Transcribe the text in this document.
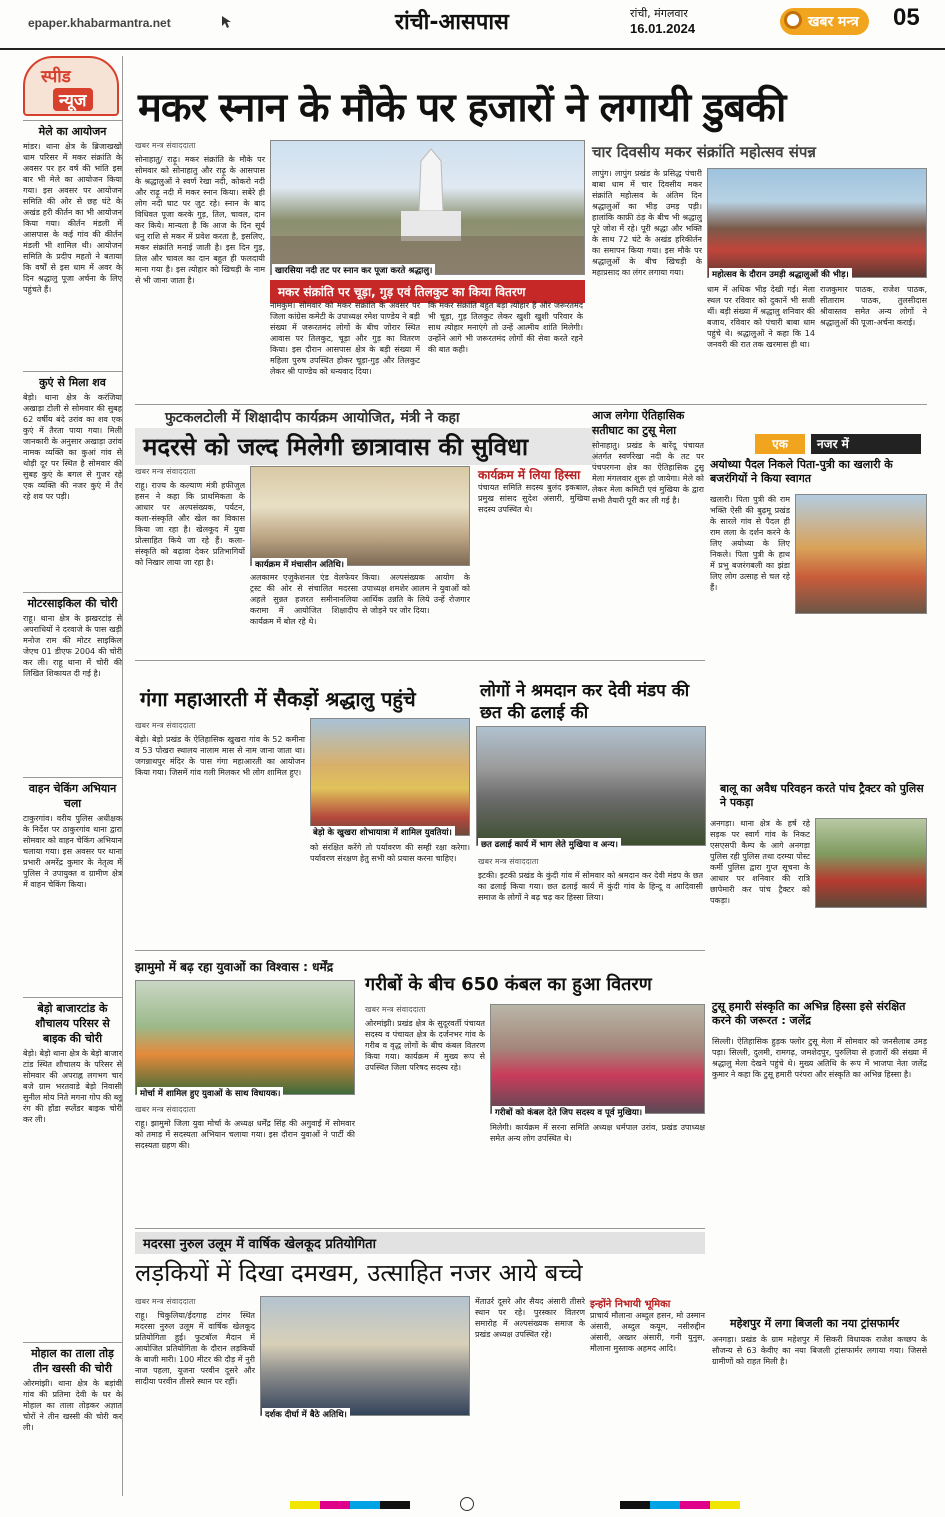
epaper.khabarmantra.net	रांची-आसपास	रांची, मंगलवार
16.01.2024	खबर मन्त्र	05
स्पीड
न्यूज
मेले का आयोजन

मांडर। थाना क्षेत्र के ब्रिजाखखो धाम परिसर में मकर संक्रांति के अवसर पर हर वर्ष की भांति इस बार भी मेले का आयोजन किया गया। इस अवसर पर आयोजन समिति की ओर से छह घंटे के अखंड हरी कीर्तन का भी आयोजन किया गया। कीर्तन मंडली में आसपास के कई गांव की कीर्तन मंडली भी शामिल थी। आयोजन समिति के प्रदीप महतो ने बताया कि वर्षों से इस धाम में अवर के दिन श्रद्धालु पूजा अर्चना के लिए पहुंचते हैं।

कुएं से मिला शव

बेड़ो। थाना क्षेत्र के करंजिया अखाड़ा टोली से सोमवार की सुबह 62 वर्षीय बंदे उरांव का शव एक कुएं में तैरता पाया गया। मिली जानकारी के अनुसार अखाड़ा उरांव नामक व्यक्ति का कुआं गांव से थोड़ी दूर पर स्थित है सोमवार की सुबह कुएं के बगल से गुजर रहे एक व्यक्ति की नजर कुएं में तैर रहे शव पर पड़ी।

मोटरसाइकिल की चोरी

राहू। थाना क्षेत्र के झखरटांड़ से अपराधियों ने दरवाजे के पास खड़ी मनोज राम की मोटर साइकिल जेएच 01 डीएफ 2004 की चोरी कर ली। राहू थाना में चोरी की लिखित शिकायत दी गई है।

वाहन चेकिंग अभियान चला

टाकुरगांव। वरीय पुलिस अधीक्षक के निर्देश पर ठाकुरगांव थाना द्वारा सोमवार को वाहन चेकिंग अभियान चलाया गया। इस अवसर पर थाना प्रभारी अमरेंद्र कुमार के नेतृत्व में पुलिस ने उपायुक्त व ग्रामीण क्षेत्र में वाहन चेकिंग किया।

बेड़ो बाजारटांड के शौचालय परिसर से बाइक की चोरी

बेड़ो। बेड़ो थाना क्षेत्र के बेड़ो बाजार टांड स्थित शौचालय के परिसर से सोमवार की अपराह्न लगभग चार बजे ग्राम भरतवाडे बेड़ो निवासी सुनील मोय निते मगना गोप की ब्लू रंग की होंडा स्प्लेंडर बाइक चोरी कर ली।

मोहाल का ताला तोड़ तीन खस्सी की चोरी

ओरमांझी। थाना क्षेत्र के बड़ांवी गांव की प्रतिमा देवी के घर के मोहाल का ताला तोड़कर अज्ञात चोरों ने तीन खस्सी की चोरी कर ली।

मकर स्नान के मौके पर हजारों ने लगायी डुबकी
खबर मन्त्र संवाददाता
सोनाहातु/ राढ़ू। मकर संक्रांति के मौके पर सोमवार को सोनाहातु और राढ़ू के आसपास के श्रद्धालुओं ने स्वर्ण रेखा नदी, कोकरो नदी और राढ़ू नदी में मकर स्नान किया। सबेरे ही लोग नदी घाट पर जुट रहे। स्नान के बाद विधिवत पूजा करके गुड़, तिल, चावल, दान कर किये। मान्यता है कि आज के दिन सूर्य धनु राशि से मकर में प्रवेश करता है, इसलिए, मकर संक्रांति मनाई जाती है। इस दिन गुड़, तिल और चावल का दान बहुत ही फलदायी माना गया है। इस त्योहार को खिचड़ी के नाम से भी जाना जाता है।
खारसिया नदी तट पर स्नान कर पूजा करते श्रद्धालु।
मकर संक्रांति पर चूड़ा, गुड़ एवं तिलकुट का किया वितरण
नामकुम। सोमवार को मकर संक्रांति के अवसर पर जिला कांग्रेस कमेटी के उपाध्यक्ष रमेश पाण्डेय ने बड़ी संख्या में जरूरतमंद लोगों के बीच जोरार स्थित आवास पर तिलकुट, चूड़ा और गुड़ का वितरण किया। इस दौरान आसपास क्षेत्र के बड़ी संख्या में महिला पुरुष उपस्थित होकर चूड़ा-गुड़ और तिलकुट लेकर श्री पाण्डेय को धन्यवाद दिया।
कि मकर संक्रांति बहुत बड़ा त्योहार है और जरूरतमंद भी चूड़ा, गुड़ तिलकुट लेकर खुशी खुशी परिवार के साथ त्योहार मनाएंगे तो उन्हें आत्मीय शांति मिलेगी। उन्होंने आगे भी जरूरतमंद लोगों की सेवा करते रहने की बात कही।
चार दिवसीय मकर संक्रांति महोत्सव संपन्न
लापुंग। लापुंग प्रखंड के प्रसिद्ध पंचारी बाबा धाम में चार दिवसीय मकर संक्रांति महोत्सव के अंतिम दिन श्रद्धालुओं का भीड़ उमड़ पड़ी। हालांकि काफ़ी ठंड़ के बीच भी श्रद्धालु पूरे जोश में रहे। पूरी श्रद्धा और भक्ति के साथ 72 घंटे के अखंड हरिकीर्तन का समापन किया गया। इस मौके पर श्रद्धालुओं के बीच खिचड़ी के महाप्रसाद का लंगर लगाया गया।	महोत्सव के दौरान उमड़ी श्रद्धालुओं की भीड़।
धाम में अधिक भीड़ देखी गई। मेला स्थल पर रविवार को दुकानें भी सजी थीं। बड़ी संख्या में श्रद्धालु शनिवार की बजाय, रविवार को पंचारी बाबा धाम पहुंचे थे। श्रद्धालुओं ने कहा कि 14 जनवरी की रात तक खरमास ही था।
राजकुमार पाठक, राजेश पाठक, सीताराम पाठक, तुलसीदास श्रीवास्तव समेत अन्य लोगों ने श्रद्धालुओं की पूजा-अर्चना कराई।
फुटकलटोली में शिक्षादीप कार्यक्रम आयोजित, मंत्री ने कहा
मदरसे को जल्द मिलेगी छात्रावास की सुविधा
खबर मन्त्र संवाददाता
राहू। राज्य के कल्याण मंत्री हफीजुल हसन ने कहा कि प्राथमिकता के आधार पर अल्पसंख्यक, पर्यटन, कला-संस्कृति और खेल का विकास किया जा रहा है। खेलकूद में युवा प्रोत्साहित किये जा रहे हैं। कला-संस्कृति को बढ़ावा देकर प्रतिभागियों को निखार लाया जा रहा है।	कार्यक्रम में मंचासीन अतिथि।
अलकामर एजुकेशनल एंड वेलफेयर ट्रस्ट की ओर से संचालित मदरसा अहले सुन्नत हजरत समीनानलिया करामा में आयोजित शिक्षादीप कार्यक्रम में बोल रहे थे।
किया। अल्पसंख्यक आयोग के उपाध्यक्ष शमशेर आलम ने युवाओं को आर्थिक उन्नति के लिये उन्हें रोजगार से जोड़ने पर जोर दिया।
कार्यक्रम में लिया हिस्सा
पंचायत समिति सदस्य बुलंद इकबाल, प्रमुख सांसद सुदेश अंसारी, मुखिया सदस्य उपस्थित थे।
आज लगेगा ऐतिहासिक सतीघाट का टुसू मेला
सोनाहातु। प्रखंड के बारेंदू पंचायत अंतर्गत स्वर्णरेखा नदी के तट पर पंचपरगना क्षेत्र का ऐतिहासिक टुसू मेला मंगलवार शुरू हो जायेगा। मेले को लेकर मेला कमिटी एवं मुखिया के द्वारा सभी तैयारी पूरी कर ली गई है।
एक	नजर में
अयोध्या पैदल निकले पिता-पुत्री का खलारी के बजरंगियों ने किया स्वागत
खलारी। पिता पुत्री की राम भक्ति ऐसी की बुढ़मू प्रखंड के सारले गांव से पैदल ही राम लला के दर्शन करने के लिए अयोध्या के लिए निकले। पिता पुत्री के हाथ में प्रभु बजरंगबली का झंडा लिए लोग उत्साह से चल रहे हैं।
बालू का अवैध परिवहन करते पांच ट्रैक्टर को पुलिस ने पकड़ा
अनगड़ा। थाना क्षेत्र के हर्ष रहे सड़क पर स्वार्ग गांव के निकट एसएसपी कैम्प के आगे अनगड़ा पुलिस रही पुलिस तथा दरम्या पोस्ट कर्मी पुलिस द्वारा गुप्त सूचना के आधार पर शनिवार की रात्रि छापेमारी कर पांच ट्रैक्टर को पकड़ा।
गंगा महाआरती में सैकड़ों श्रद्धालु पहुंचे
खबर मन्त्र संवाददाता
बेड़ो। बेड़ो प्रखंड के ऐतिहासिक खुखरा गांव के 52 कमीना व 53 पोखरा स्थालय नालाम मास से नाम जाना जाता था। जगन्नाथपुर मंदिर के पास गंगा महाआरती का आयोजन किया गया। जिसमें गांव गली मिलकर भी लोग शामिल हुए।
बेड़ो के खुखरा शोभायात्रा में शामिल युवतियां।
को संरक्षित करेंगे तो पर्यावरण की सम्ही रक्षा करेगा। पर्यावरण संरक्षण हेतु सभी को प्रयास करना चाहिए।
लोगों ने श्रमदान कर देवी मंडप की छत की ढलाई की
छत ढलाई कार्य में भाग लेते मुखिया व अन्य।
खबर मन्त्र संवाददाता
इटकी। इटकी प्रखंड के कुंदी गांव में सोमवार को श्रमदान कर देवी मंडप के छत का ढलाई किया गया। छत ढलाई कार्य में कुंदी गांव के हिन्दू व आदिवासी समाज के लोगों ने बढ़ चढ़ कर हिस्सा लिया।
झामुमो में बढ़ रहा युवाओं का विश्वास : धर्मेंद्र
मोर्चा में शामिल हुए युवाओं के साथ विधायक।
खबर मन्त्र संवाददाता
राहू। झामुमो जिला युवा मोर्चा के अध्यक्ष धर्मेंद्र सिंह की अगुवाई में सोमवार को तमाड़ में सदस्यता अभियान चलाया गया। इस दौरान युवाओं ने पार्टी की सदस्यता ग्रहण की।
गरीबों के बीच 650 कंबल का हुआ वितरण
खबर मन्त्र संवाददाता
ओरमांझी। प्रखंड क्षेत्र के सुदूरवर्ती पंचायत सदस्य व पंचायत क्षेत्र के दर्जनभर गांव के गरीब व वृद्ध लोगों के बीच कंबल वितरण किया गया। कार्यक्रम में मुख्य रूप से उपस्थित जिला परिषद सदस्य रहे।
गरीबों को कंबल देते जिप सदस्य व पूर्व मुखिया।
मिलेगी। कार्यक्रम में सरना समिति अध्यक्ष धर्मपाल उरांव, प्रखंड उपाध्यक्ष समेत अन्य लोग उपस्थित थे।
टुसू हमारी संस्कृति का अभिन्न हिस्सा इसे संरक्षित करने की जरूरत : जलेंद्र
सिल्ली। ऐतिहासिक हुड़क फ्लोर टुसू मेला में सोमवार को जनसैलाब उमड़ पड़ा। सिल्ली, दुलमी, रामगढ़, जमशेदपुर, पुरुलिया से हजारों की संख्या में श्रद्धालु मेला देखने पहुंचे थे। मुख्य अतिथि के रूप में भाजपा नेता जलेंद्र कुमार ने कहा कि टुसू हमारी परंपरा और संस्कृति का अभिन्न हिस्सा है।
महेशपुर में लगा बिजली का नया ट्रांसफार्मर
अनगड़ा। प्रखंड के ग्राम महेशपुर में सिकरी विधायक राजेश कच्छप के सौजन्य से 63 केवीए का नया बिजली ट्रांसफार्मर लगाया गया। जिससे ग्रामीणों को राहत मिली है।
मदरसा नुरुल उलूम में वार्षिक खेलकूद प्रतियोगिता
लड़कियों में दिखा दमखम, उत्साहित नजर आये बच्चे
खबर मन्त्र संवाददाता
राहू। चिकुलिया/ईदगाह टांगर स्थित मदरसा नुरुल उलूम में वार्षिक खेलकूद प्रतियोगिता हुई। फुटबॉल मैदान में आयोजित प्रतियोगिता के दौरान लड़कियों के बाजी मारी। 100 मीटर की दौड़ में नुरी नाज पहला, यूजना परवीन दूसरे और सादीया परवीन तीसरे स्थान पर रहीं।
दर्शक दीर्घा में बैठे अतिथि।
मेंताउर्र दूसरे और सैयद अंसारी तीसरे स्थान पर रहे। पुरस्कार वितरण समारोह में अल्पसंख्यक समाज के प्रखंड अध्यक्ष उपस्थित रहे।
इन्होंने निभायी भूमिका
प्राचार्य मौलाना अब्दुल हसन, मो उस्मान अंसारी, अब्दुल कयूम, नसीरुद्दीन अंसारी, अख्तर अंसारी, गनी युनुस, मौलाना मुस्ताक अहमद आदि।
